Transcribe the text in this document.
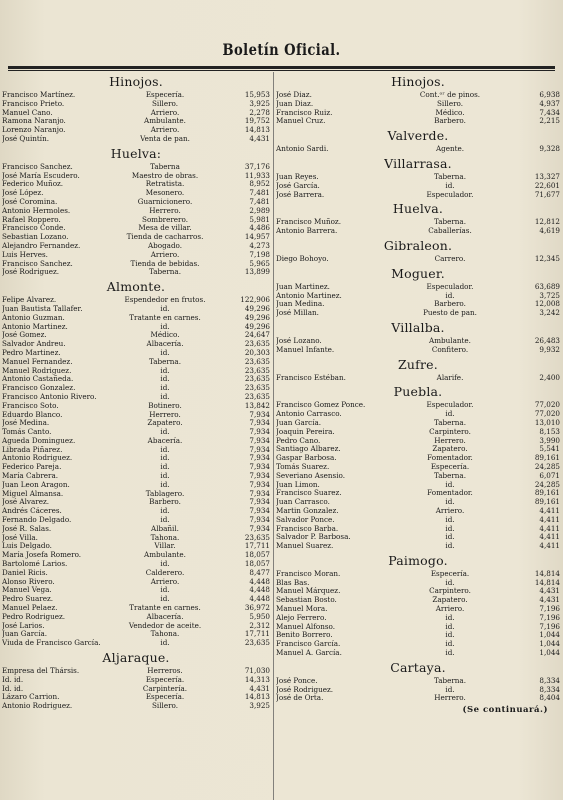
Boletín Oficial.
Hinojos.
Francisco Martínez.	Especería.	15,953
Francisco Prieto.	Sillero.	3,925
Manuel Cano.	Arriero.	2,278
Ramona Naranjo.	Ambulante.	19,752
Lorenzo Naranjo.	Arriero.	14,813
José Quintín.	Venta de pan.	4,431
Huelva:
Francisco Sanchez.	Taberna	37,176
José María Escudero.	Maestro de obras.	11,933
Federico Muñoz.	Retratista.	8,952
José López.	Mesonero.	7,481
José Coromina.	Guarnicionero.	7,481
Antonio Hermoles.	Herrero.	2,989
Rafael Roppero.	Sombrerero.	5,981
Francisco Conde.	Mesa de villar.	4,486
Sebastian Lozano.	Tienda de cacharros.	14,957
Alejandro Fernandez.	Abogado.	4,273
Luis Herves.	Arriero.	7,198
Francisco Sanchez.	Tienda de bebidas.	5,965
José Rodriguez.	Taberna.	13,899
Almonte.
Felipe Alvarez.	Espendedor en frutos.	122,906
Juan Bautista Tallafer.	id.	49,296
Antonio Guzman.	Tratante en carnes.	49,296
Antonio Martinez.	id.	49,296
José Gomez.	Médico.	24,647
Salvador Andreu.	Albacería.	23,635
Pedro Martinez.	id.	20,303
Manuel Fernandez.	Taberna.	23,635
Manuel Rodriguez.	id.	23,635
Antonio Castañeda.	id.	23,635
Francisco Gonzalez.	id.	23,635
Francisco Antonio Rivero.	id.	23,635
Francisco Soto.	Botinero.	13,842
Eduardo Blanco.	Herrero.	7,934
José Medina.	Zapatero.	7,934
Tomás Canto.	id.	7,934
Agueda Dominguez.	Abacería.	7,934
Librada Piñarez.	id.	7,934
Antonio Rodriguez.	id.	7,934
Federico Pareja.	id.	7,934
María Cabrera.	id.	7,934
Juan Leon Aragon.	id.	7,934
Miguel Almansa.	Tablagero.	7,934
José Alvarez.	Barbero.	7,934
Andrés Cáceres.	id.	7,934
Fernando Delgado.	id.	7,934
José R. Salas.	Albañil.	7,934
José Villa.	Tahona.	23,635
Luis Delgado.	Villar.	17,711
María Josefa Romero.	Ambulante.	18,057
Bartolomé Larios.	id.	18,057
Daniel Ricis.	Calderero.	8,477
Alonso Rivero.	Arriero.	4,448
Manuel Vega.	id.	4,448
Pedro Suarez.	id.	4,448
Manuel Pelaez.	Tratante en carnes.	36,972
Pedro Rodriguez.	Albacería.	5,950
José Larios.	Vendedor de aceite.	2,312
Juan García.	Tahona.	17,711
Viuda de Francisco García.	id.	23,635
Aljaraque.
Empresa del Thársis.	Herreros.	71,030
Id. id.	Especería.	14,313
Id. id.	Carpintería.	4,431
Lázaro Carrion.	Especería.	14,813
Antonio Rodriguez.	Sillero.	3,925
Hinojos.
José Diaz.	Cont.ᵒʳ de pinos.	6,938
Juan Diaz.	Sillero.	4,937
Francisco Ruiz.	Médico.	7,434
Manuel Cruz.	Barbero.	2,215
Valverde.
Antonio Sardi.	Agente.	9,328
Villarrasa.
Juan Reyes.	Taberna.	13,327
José García.	id.	22,601
José Barrera.	Especulador.	71,677
Huelva.
Francisco Muñoz.	Taberna.	12,812
Antonio Barrera.	Caballerías.	4,619
Gibraleon.
Diego Bohoyo.	Carrero.	12,345
Moguer.
Juan Martinez.	Especulador.	63,689
Antonio Martinez.	id.	3,725
Juan Medina.	Barbero.	12,008
José Millan.	Puesto de pan.	3,242
Villalba.
José Lozano.	Ambulante.	26,483
Manuel Infante.	Confitero.	9,932
Zufre.
Francisco Estéban.	Alarife.	2,400
Puebla.
Francisco Gomez Ponce.	Especulador.	77,020
Antonio Carrasco.	id.	77,020
Juan García.	Taberna.	13,010
Joaquin Pereira.	Carpintero.	8,153
Pedro Cano.	Herrero.	3,990
Santiago Albarez.	Zapatero.	5,541
Gaspar Barbosa.	Fomentador.	89,161
Tomás Suarez.	Especería.	24,285
Severiano Asensio.	Taberna.	6,071
Juan Limon.	id.	24,285
Francisco Suarez.	Fomentador.	89,161
Juan Carrasco.	id.	89,161
Martin Gonzalez.	Arriero.	4,411
Salvador Ponce.	id.	4,411
Francisco Barba.	id.	4,411
Salvador P. Barbosa.	id.	4,411
Manuel Suarez.	id.	4,411
Paimogo.
Francisco Moran.	Especería.	14,814
Blas Bas.	id.	14,814
Manuel Márquez.	Carpintero.	4,431
Sebastian Bosto.	Zapatero.	4,431
Manuel Mora.	Arriero.	7,196
Alejo Ferrero.	id.	7,196
Manuel Alfonso.	id.	7,196
Benito Borrero.	id.	1,044
Francisco García.	id.	1,044
Manuel A. García.	id.	1,044
Cartaya.
José Ponce.	Taberna.	8,334
José Rodriguez.	id.	8,334
José de Orta.	Herrero.	8,404
(Se continuará.)
